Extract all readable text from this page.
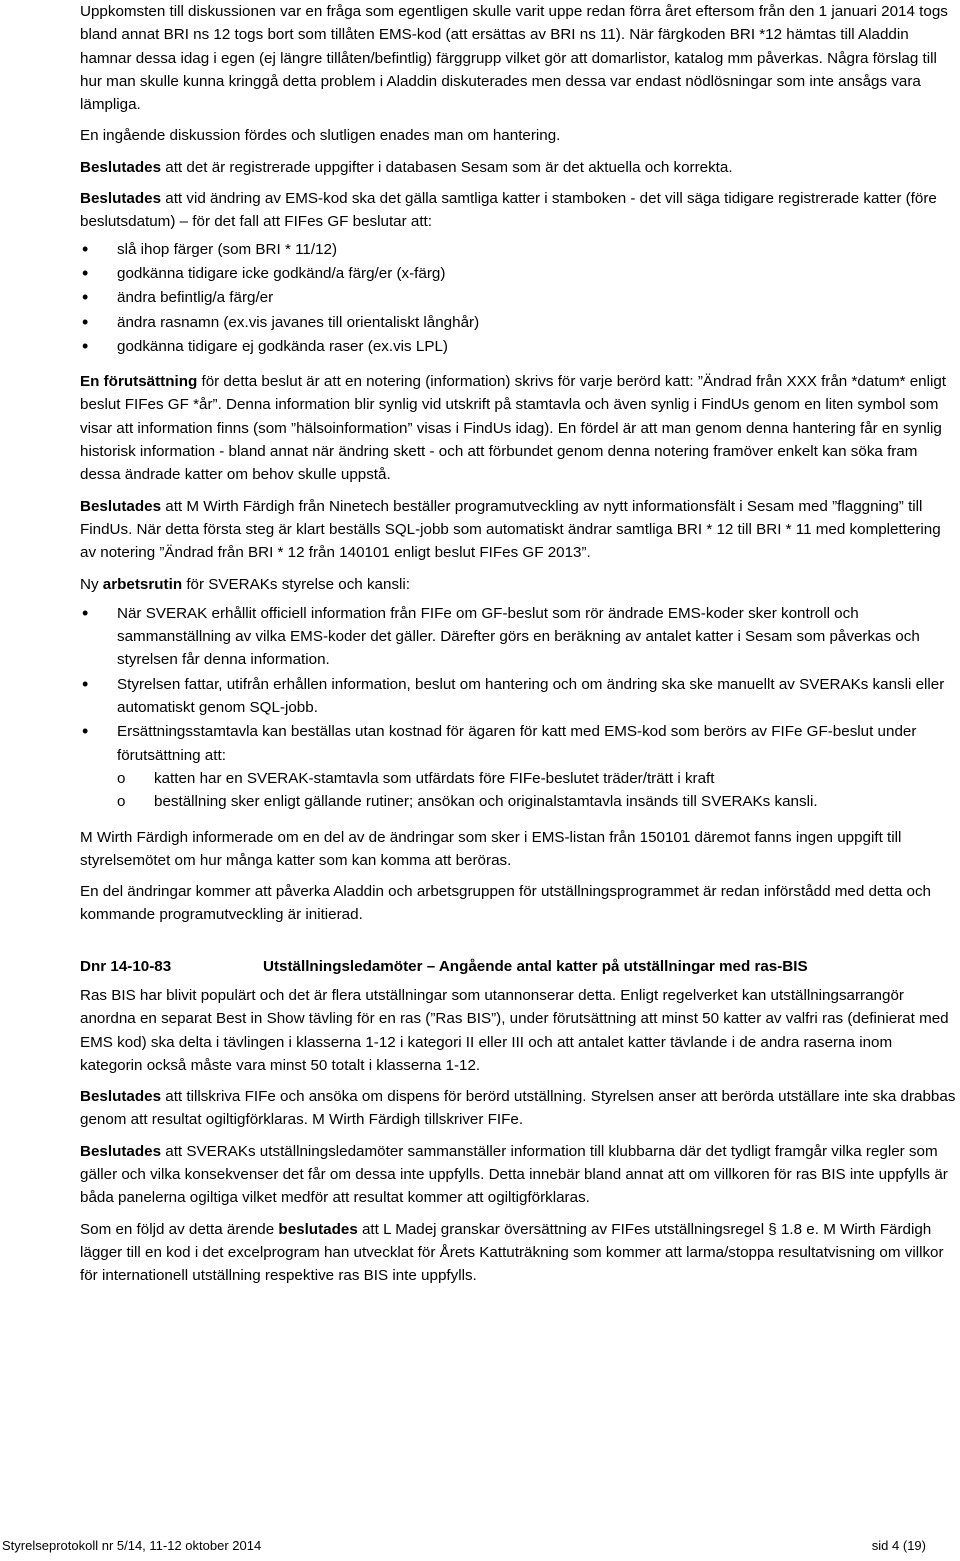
Uppkomsten till diskussionen var en fråga som egentligen skulle varit uppe redan förra året eftersom från den 1 januari 2014 togs bland annat BRI ns 12 togs bort som tillåten EMS-kod (att ersättas av BRI ns 11). När färgkoden BRI *12 hämtas till Aladdin hamnar dessa idag i egen (ej längre tillåten/befintlig) färggrupp vilket gör att domarlistor, katalog mm påverkas. Några förslag till hur man skulle kunna kringgå detta problem i Aladdin diskuterades men dessa var endast nödlösningar som inte ansågs vara lämpliga.

En ingående diskussion fördes och slutligen enades man om hantering.

Beslutades att det är registrerade uppgifter i databasen Sesam som är det aktuella och korrekta.

Beslutades att vid ändring av EMS-kod ska det gälla samtliga katter i stamboken - det vill säga tidigare registrerade katter (före beslutsdatum) – för det fall att FIFes GF beslutar att:

• slå ihop färger (som BRI * 11/12)
• godkänna tidigare icke godkänd/a färg/er (x-färg)
• ändra befintlig/a färg/er
• ändra rasnamn (ex.vis javanes till orientaliskt långhår)
• godkänna tidigare ej godkända raser (ex.vis LPL)

En förutsättning för detta beslut är att en notering (information) skrivs för varje berörd katt: ”Ändrad från XXX från *datum* enligt beslut FIFes GF *år”. Denna information blir synlig vid utskrift på stamtavla och även synlig i FindUs genom en liten symbol som visar att information finns (som ”hälsoinformation” visas i FindUs idag). En fördel är att man genom denna hantering får en synlig historisk information - bland annat när ändring skett - och att förbundet genom denna notering framöver enkelt kan söka fram dessa ändrade katter om behov skulle uppstå.

Beslutades att M Wirth Färdigh från Ninetech beställer programutveckling av nytt informationsfält i Sesam med ”flaggning” till FindUs. När detta första steg är klart beställs SQL-jobb som automatiskt ändrar samtliga BRI * 12 till BRI * 11 med komplettering av notering ”Ändrad från BRI * 12 från 140101 enligt beslut FIFes GF 2013”.

Ny arbetsrutin för SVERAKs styrelse och kansli:

• När SVERAK erhållit officiell information från FIFe om GF-beslut som rör ändrade EMS-koder sker kontroll och sammanställning av vilka EMS-koder det gäller. Därefter görs en beräkning av antalet katter i Sesam som påverkas och styrelsen får denna information.
• Styrelsen fattar, utifrån erhållen information, beslut om hantering och om ändring ska ske manuellt av SVERAKs kansli eller automatiskt genom SQL-jobb.
• Ersättningsstamtavla kan beställas utan kostnad för ägaren för katt med EMS-kod som berörs av FIFe GF-beslut under förutsättning att:
o katten har en SVERAK-stamtavla som utfärdats före FIFe-beslutet träder/trätt i kraft
o beställning sker enligt gällande rutiner; ansökan och originalstamtavla insänds till SVERAKs kansli.

M Wirth Färdigh informerade om en del av de ändringar som sker i EMS-listan från 150101 däremot fanns ingen uppgift till styrelsemötet om hur många katter som kan komma att beröras.

En del ändringar kommer att påverka Aladdin och arbetsgruppen för utställningsprogrammet är redan införstådd med detta och kommande programutveckling är initierad.

Dnr 14-10-83	Utställningsledamöter – Angående antal katter på utställningar med ras-BIS

Ras BIS har blivit populärt och det är flera utställningar som utannonserar detta. Enligt regelverket kan utställningsarrangör anordna en separat Best in Show tävling för en ras (”Ras BIS”), under förutsättning att minst 50 katter av valfri ras (definierat med EMS kod) ska delta i tävlingen i klasserna 1-12 i kategori II eller III och att antalet katter tävlande i de andra raserna inom kategorin också måste vara minst 50 totalt i klasserna 1-12.

Beslutades att tillskriva FIFe och ansöka om dispens för berörd utställning. Styrelsen anser att berörda utställare inte ska drabbas genom att resultat ogiltigförklaras. M Wirth Färdigh tillskriver FIFe.

Beslutades att SVERAKs utställningsledamöter sammanställer information till klubbarna där det tydligt framgår vilka regler som gäller och vilka konsekvenser det får om dessa inte uppfylls. Detta innebär bland annat att om villkoren för ras BIS inte uppfylls är båda panelerna ogiltiga vilket medför att resultat kommer att ogiltigförklaras.

Som en följd av detta ärende beslutades att L Madej granskar översättning av FIFes utställningsregel § 1.8 e. M Wirth Färdigh lägger till en kod i det excelprogram han utvecklat för Årets Kattuträkning som kommer att larma/stoppa resultatvisning om villkor för internationell utställning respektive ras BIS inte uppfylls.

Styrelseprotokoll nr 5/14, 11-12 oktober 2014	sid 4 (19)
